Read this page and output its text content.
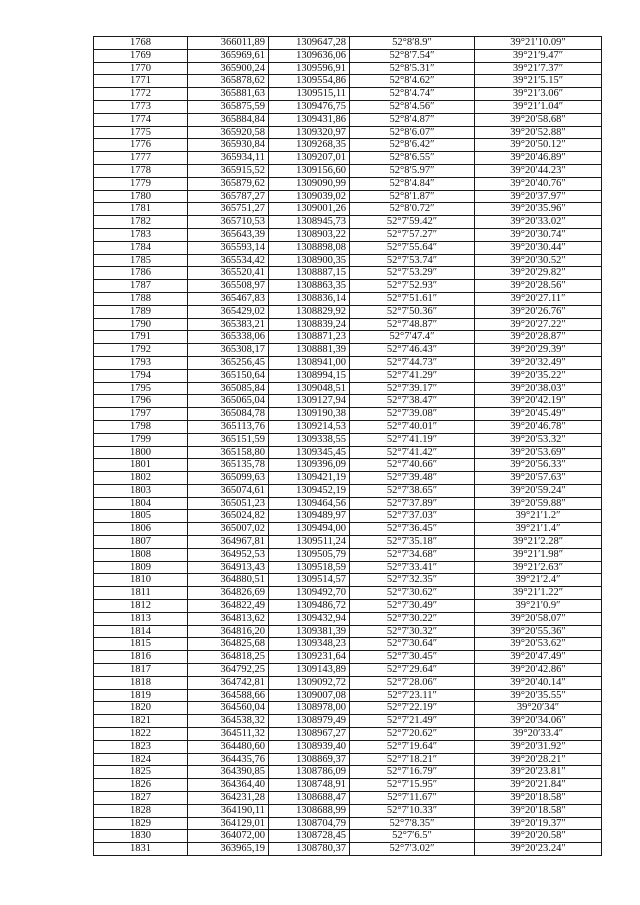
1768	366011,89	1309647,28	52°8′8.9″	39°21′10.09″
1769	365969,61	1309636,06	52°8′7.54″	39°21′9.47″
1770	365900,24	1309596,91	52°8′5.31″	39°21′7.37″
1771	365878,62	1309554,86	52°8′4.62″	39°21′5.15″
1772	365881,63	1309515,11	52°8′4.74″	39°21′3.06″
1773	365875,59	1309476,75	52°8′4.56″	39°21′1.04″
1774	365884,84	1309431,86	52°8′4.87″	39°20′58.68″
1775	365920,58	1309320,97	52°8′6.07″	39°20′52.88″
1776	365930,84	1309268,35	52°8′6.42″	39°20′50.12″
1777	365934,11	1309207,01	52°8′6.55″	39°20′46.89″
1778	365915,52	1309156,60	52°8′5.97″	39°20′44.23″
1779	365879,62	1309090,99	52°8′4.84″	39°20′40.76″
1780	365787,27	1309039,02	52°8′1.87″	39°20′37.97″
1781	365751,27	1309001,26	52°8′0.72″	39°20′35.96″
1782	365710,53	1308945,73	52°7′59.42″	39°20′33.02″
1783	365643,39	1308903,22	52°7′57.27″	39°20′30.74″
1784	365593,14	1308898,08	52°7′55.64″	39°20′30.44″
1785	365534,42	1308900,35	52°7′53.74″	39°20′30.52″
1786	365520,41	1308887,15	52°7′53.29″	39°20′29.82″
1787	365508,97	1308863,35	52°7′52.93″	39°20′28.56″
1788	365467,83	1308836,14	52°7′51.61″	39°20′27.11″
1789	365429,02	1308829,92	52°7′50.36″	39°20′26.76″
1790	365383,21	1308839,24	52°7′48.87″	39°20′27.22″
1791	365338,06	1308871,23	52°7′47.4″	39°20′28.87″
1792	365308,17	1308881,39	52°7′46.43″	39°20′29.39″
1793	365256,45	1308941,00	52°7′44.73″	39°20′32.49″
1794	365150,64	1308994,15	52°7′41.29″	39°20′35.22″
1795	365085,84	1309048,51	52°7′39.17″	39°20′38.03″
1796	365065,04	1309127,94	52°7′38.47″	39°20′42.19″
1797	365084,78	1309190,38	52°7′39.08″	39°20′45.49″
1798	365113,76	1309214,53	52°7′40.01″	39°20′46.78″
1799	365151,59	1309338,55	52°7′41.19″	39°20′53.32″
1800	365158,80	1309345,45	52°7′41.42″	39°20′53.69″
1801	365135,78	1309396,09	52°7′40.66″	39°20′56.33″
1802	365099,63	1309421,19	52°7′39.48″	39°20′57.63″
1803	365074,61	1309452,19	52°7′38.65″	39°20′59.24″
1804	365051,23	1309464,56	52°7′37.89″	39°20′59.88″
1805	365024,82	1309489,97	52°7′37.03″	39°21′1.2″
1806	365007,02	1309494,00	52°7′36.45″	39°21′1.4″
1807	364967,81	1309511,24	52°7′35.18″	39°21′2.28″
1808	364952,53	1309505,79	52°7′34.68″	39°21′1.98″
1809	364913,43	1309518,59	52°7′33.41″	39°21′2.63″
1810	364880,51	1309514,57	52°7′32.35″	39°21′2.4″
1811	364826,69	1309492,70	52°7′30.62″	39°21′1.22″
1812	364822,49	1309486,72	52°7′30.49″	39°21′0.9″
1813	364813,62	1309432,94	52°7′30.22″	39°20′58.07″
1814	364816,20	1309381,39	52°7′30.32″	39°20′55.36″
1815	364825,68	1309348,23	52°7′30.64″	39°20′53.62″
1816	364818,25	1309231,64	52°7′30.45″	39°20′47.49″
1817	364792,25	1309143,89	52°7′29.64″	39°20′42.86″
1818	364742,81	1309092,72	52°7′28.06″	39°20′40.14″
1819	364588,66	1309007,08	52°7′23.11″	39°20′35.55″
1820	364560,04	1308978,00	52°7′22.19″	39°20′34″
1821	364538,32	1308979,49	52°7′21.49″	39°20′34.06″
1822	364511,32	1308967,27	52°7′20.62″	39°20′33.4″
1823	364480,60	1308939,40	52°7′19.64″	39°20′31.92″
1824	364435,76	1308869,37	52°7′18.21″	39°20′28.21″
1825	364390,85	1308786,09	52°7′16.79″	39°20′23.81″
1826	364364,40	1308748,91	52°7′15.95″	39°20′21.84″
1827	364231,28	1308688,47	52°7′11.67″	39°20′18.58″
1828	364190,11	1308688,99	52°7′10.33″	39°20′18.58″
1829	364129,01	1308704,79	52°7′8.35″	39°20′19.37″
1830	364072,00	1308728,45	52°7′6.5″	39°20′20.58″
1831	363965,19	1308780,37	52°7′3.02″	39°20′23.24″
